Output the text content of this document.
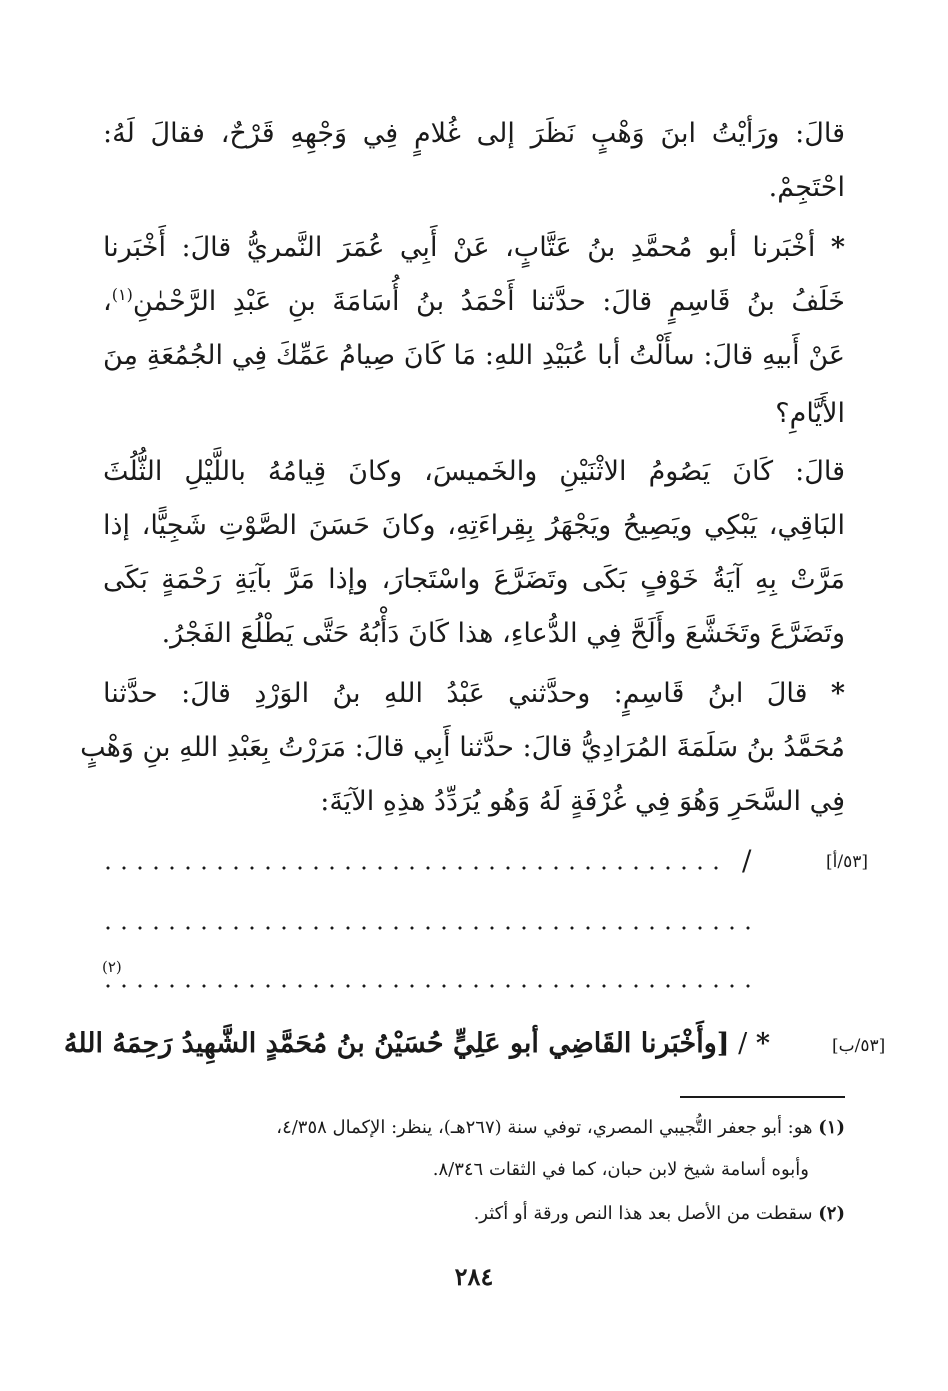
قالَ: ورَأيْتُ ابنَ وَهْبٍ نَظَرَ إلى غُلامٍ فِي وَجْهِهِ قَرْحٌ، فقالَ لَهُ:
احْتَجِمْ.
* أخْبَرنا أبو مُحمَّدِ بنُ عَتَّابٍ، عَنْ أَبِي عُمَرَ النَّمريُّ قالَ: أَخْبَرنا
خَلَفُ بنُ قَاسِمٍ قالَ: حدَّثنا أَحْمَدُ بنُ أُسَامَةَ بنِ عَبْدِ الرَّحْمٰنِ$^{(١)}$،
عَنْ أَبيهِ قالَ: سأَلْتُ أبا عُبَيْدِ اللهِ: مَا كَانَ صِيامُ عَمِّكَ فِي الجُمُعَةِ مِنَ
الأَيَّامِ؟
قالَ: كَانَ يَصُومُ الاثْنَيْنِ والخَميسَ، وكانَ قِيامُهُ باللَّيْلِ الثُّلُثَ
البَاقِي، يَبْكِي ويَصِيحُ ويَجْهَرُ بِقِراءَتِهِ، وكانَ حَسَنَ الصَّوْتِ شَجِيًّا، إذا
مَرَّتْ بِهِ آيَةُ خَوْفٍ بَكَى وتَضَرَّعَ واسْتَجارَ، وإذا مَرَّ بآيَةِ رَحْمَةٍ بَكَى
وتَضَرَّعَ وتَخَشَّعَ وأَلَحَّ فِي الدُّعاءِ، هذا كَانَ دَأْبُهُ حَتَّى يَطْلُعَ الفَجْرُ.
* قالَ ابنُ قَاسِمٍ: وحدَّثني عَبْدُ اللهِ بنُ الوَرْدِ قالَ: حدَّثنا
مُحَمَّدُ بنُ سَلَمَةَ المُرَادِيُّ قالَ: حدَّثنا أَبِي قالَ: مَرَرْتُ بِعَبْدِ اللهِ بنِ وَهْبٍ
فِي السَّحَرِ وَهُوَ فِي غُرْفَةٍ لَهُ وَهُو يُرَدِّدُ هذِهِ الآيَةَ:
[٥٣/أ]
/
(٢)
[٥٣/ب]
* / [وأَخْبَرنا القَاضِي أبو عَلِيٍّ حُسَيْنُ بنُ مُحَمَّدٍ الشَّهِيدُ رَحِمَهُ اللهُ
(١) هو: أبو جعفر التُّجيبي المصري، توفي سنة (٢٦٧هـ)، ينظر: الإكمال ٤/٣٥٨،
وأبوه أسامة شيخ لابن حبان، كما في الثقات ٨/٣٤٦.
(٢) سقطت من الأصل بعد هذا النص ورقة أو أكثر.
٢٨٤
